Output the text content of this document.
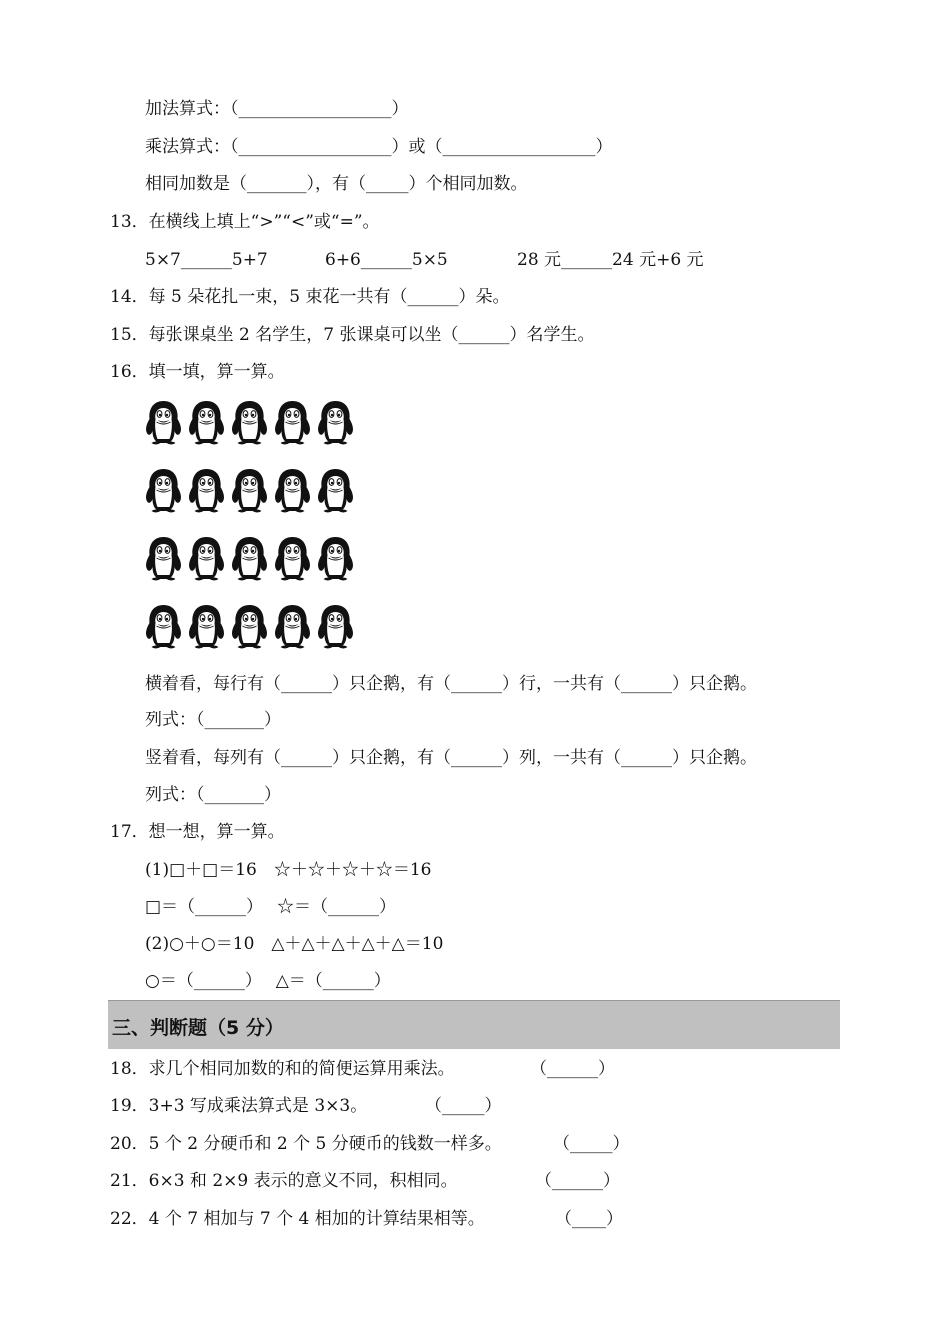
加法算式：（__________________）
乘法算式：（__________________）或（__________________）
相同加数是（_______），有（_____）个相同加数。
13．在横线上填上“>”“<”或“=”。
5×7______5+7	6+6______5×5	28 元______24 元+6 元
14．每 5 朵花扎一束，5 束花一共有（______）朵。
15．每张课桌坐 2 名学生，7 张课桌可以坐（______）名学生。
16．填一填，算一算。
横着看，每行有（______）只企鹅，有（______）行，一共有（______）只企鹅。
列式：（_______）
竖着看，每列有（______）只企鹅，有（______）列，一共有（______）只企鹅。
列式：（_______）
17．想一想，算一算。
(1)□＋□＝16　☆＋☆＋☆＋☆＝16
□＝（______）　 ☆＝（______）
(2)○＋○＝10　△＋△＋△＋△＋△＝10
○＝（______）　 △＝（______）
三、判断题（5 分）
18．求几个相同加数的和的简便运算用乘法。	（______）
19．3+3 写成乘法算式是 3×3。	（_____）
20．5 个 2 分硬币和 2 个 5 分硬币的钱数一样多。	（_____）
21．6×3 和 2×9 表示的意义不同，积相同。	（______）
22．4 个 7 相加与 7 个 4 相加的计算结果相等。	（____）
